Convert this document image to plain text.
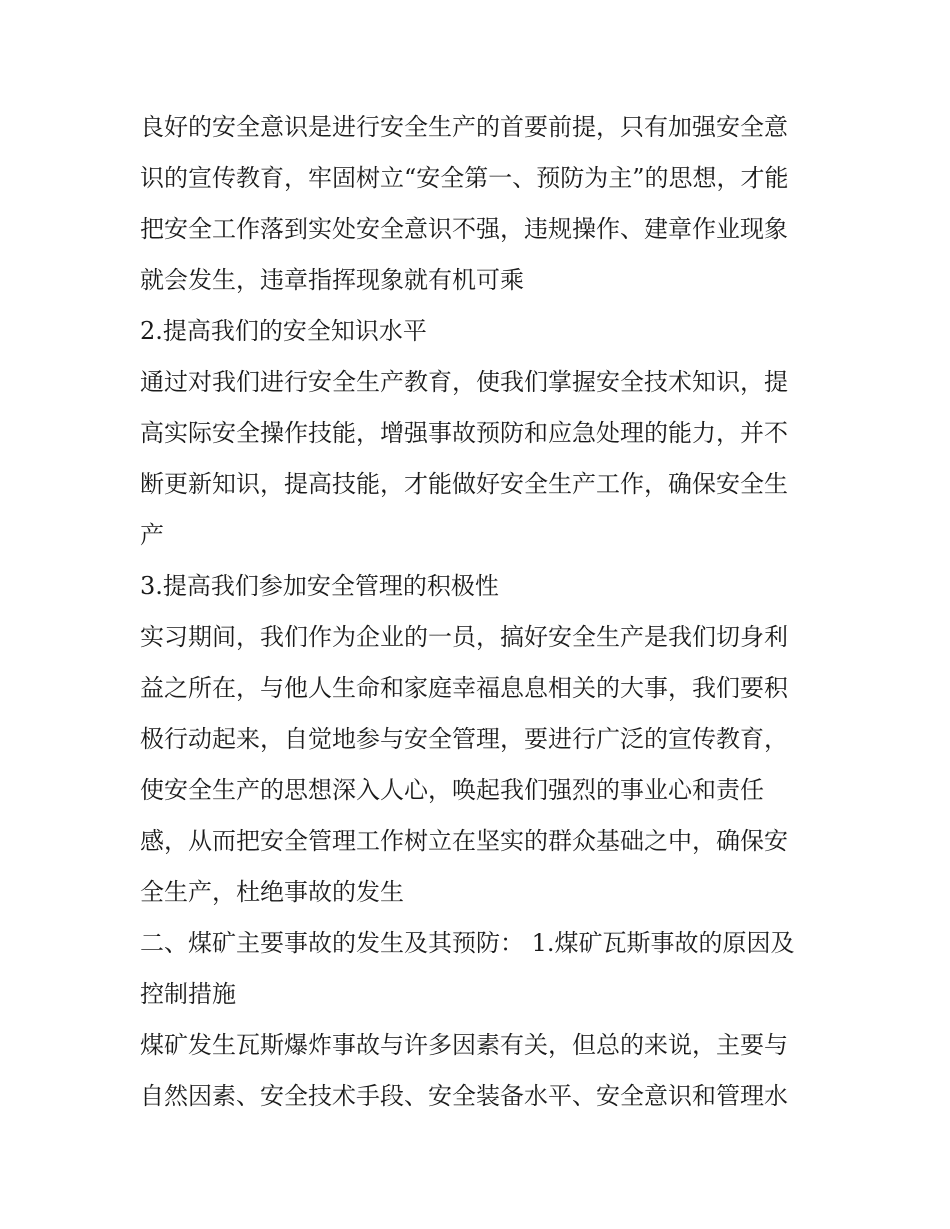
良好的安全意识是进行安全生产的首要前提，只有加强安全意
识的宣传教育，牢固树立“安全第一、预防为主”的思想，才能
把安全工作落到实处安全意识不强，违规操作、建章作业现象
就会发生，违章指挥现象就有机可乘
2.提高我们的安全知识水平
通过对我们进行安全生产教育，使我们掌握安全技术知识，提
高实际安全操作技能，增强事故预防和应急处理的能力，并不
断更新知识，提高技能，才能做好安全生产工作，确保安全生
产
3.提高我们参加安全管理的积极性
实习期间，我们作为企业的一员，搞好安全生产是我们切身利
益之所在，与他人生命和家庭幸福息息相关的大事，我们要积
极行动起来，自觉地参与安全管理，要进行广泛的宣传教育，
使安全生产的思想深入人心，唤起我们强烈的事业心和责任
感，从而把安全管理工作树立在坚实的群众基础之中，确保安
全生产，杜绝事故的发生
二、煤矿主要事故的发生及其预防： 1.煤矿瓦斯事故的原因及
控制措施
煤矿发生瓦斯爆炸事故与许多因素有关，但总的来说，主要与
自然因素、安全技术手段、安全装备水平、安全意识和管理水
